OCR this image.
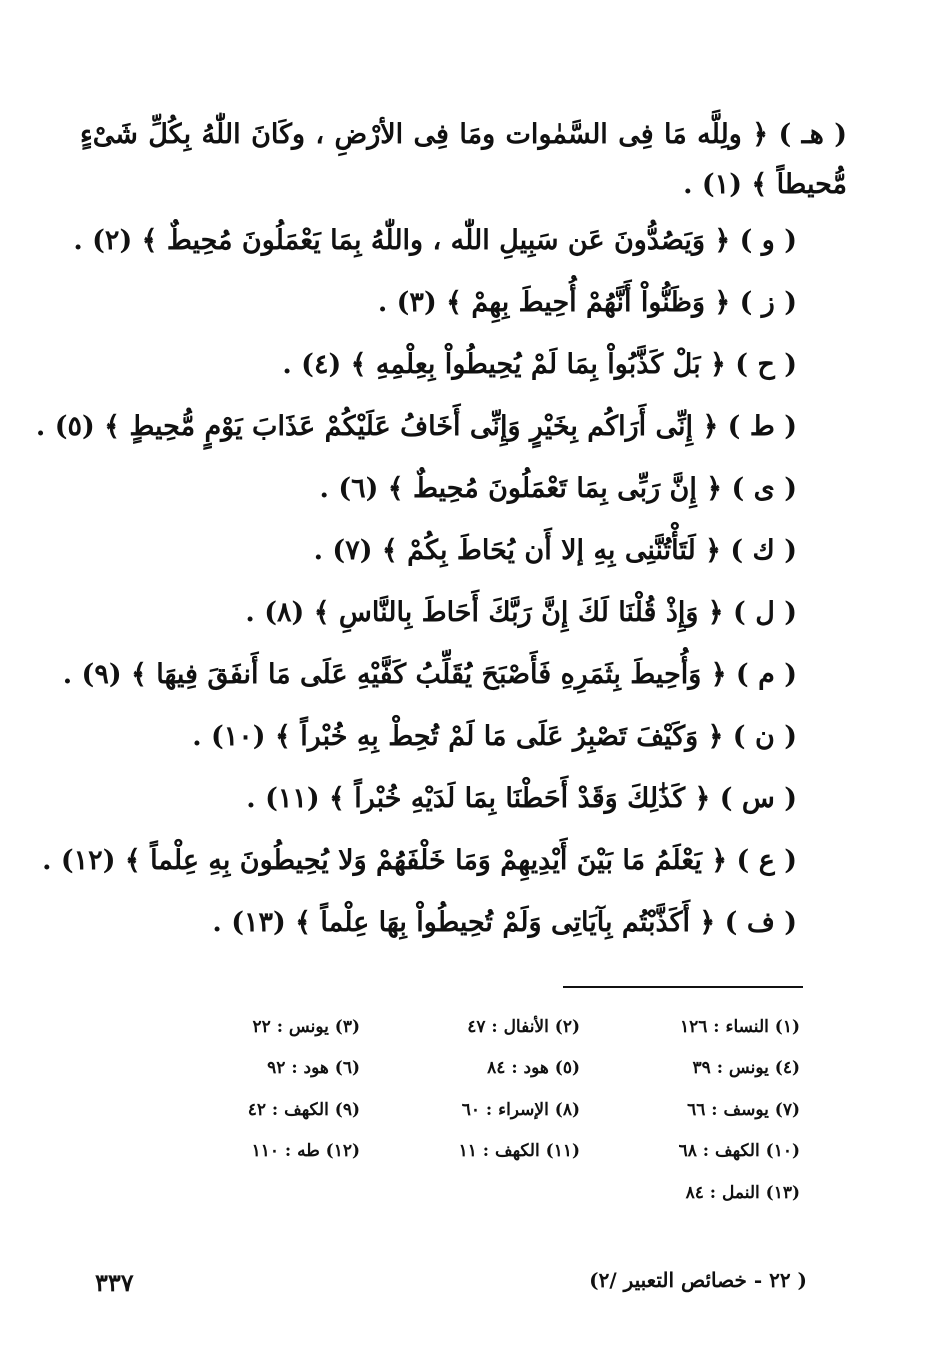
( هـ ) ﴿ ولِلَّه مَا فِى السَّمٰوات ومَا فِى الأرْضِ ، وكَانَ اللّٰهُ بِكُلِّ شَىْءٍ مُّحيطاً ﴾ (١) .
( و ) ﴿ وَيَصُدُّونَ عَن سَبِيلِ اللّٰه ، واللّٰهُ بِمَا يَعْمَلُونَ مُحِيطٌ ﴾ (٢) .
( ز ) ﴿ وَظَنُّواْ أَنَّهُمْ أُحِيطَ بِهِمْ ﴾ (٣) .
( ح ) ﴿ بَلْ كَذَّبُواْ بِمَا لَمْ يُحِيطُواْ بِعِلْمِهِ ﴾ (٤) .
( ط ) ﴿ إِنِّى أَرَاكُم بِخَيْرٍ وَإِنِّى أَخَافُ عَلَيْكُمْ عَذَابَ يَوْمٍ مُّحِيطٍ ﴾ (٥) .
( ى ) ﴿ إِنَّ رَبِّى بِمَا تَعْمَلُونَ مُحِيطٌ ﴾ (٦) .
( ك ) ﴿ لَتَأْتُنَّنِى بِهِ إلا أَن يُحَاطَ بِكُمْ ﴾ (٧) .
( ل ) ﴿ وَإِذْ قُلْنَا لَكَ إِنَّ رَبَّكَ أَحَاطَ بِالنَّاسِ ﴾ (٨) .
( م ) ﴿ وَأُحِيطَ بِثَمَرِهِ فَأَصْبَحَ يُقَلِّبُ كَفَّيْهِ عَلَى مَا أَنفَقَ فِيهَا ﴾ (٩) .
( ن ) ﴿ وَكَيْفَ تَصْبِرُ عَلَى مَا لَمْ تُحِطْ بِهِ خُبْراً ﴾ (١٠) .
( س ) ﴿ كَذَٰلِكَ وَقَدْ أَحَطْنَا بِمَا لَدَيْهِ خُبْراً ﴾ (١١) .
( ع ) ﴿ يَعْلَمُ مَا بَيْنَ أَيْدِيهِمْ وَمَا خَلْفَهُمْ وَلا يُحِيطُونَ بِهِ عِلْماً ﴾ (١٢) .
( ف ) ﴿ أَكَذَّبْتُم بِآيَاتِى وَلَمْ تُحِيطُواْ بِهَا عِلْماً ﴾ (١٣) .
(١) النساء : ١٢٦
(٢) الأنفال : ٤٧
(٣) يونس : ٢٢
(٤) يونس : ٣٩
(٥) هود : ٨٤
(٦) هود : ٩٢
(٧) يوسف : ٦٦
(٨) الإسراء : ٦٠
(٩) الكهف : ٤٢
(١٠) الكهف : ٦٨
(١١) الكهف : ١١
(١٢) طه : ١١٠
(١٣) النمل : ٨٤
( ٢٢ - خصائص التعبير /٢)
٣٣٧
